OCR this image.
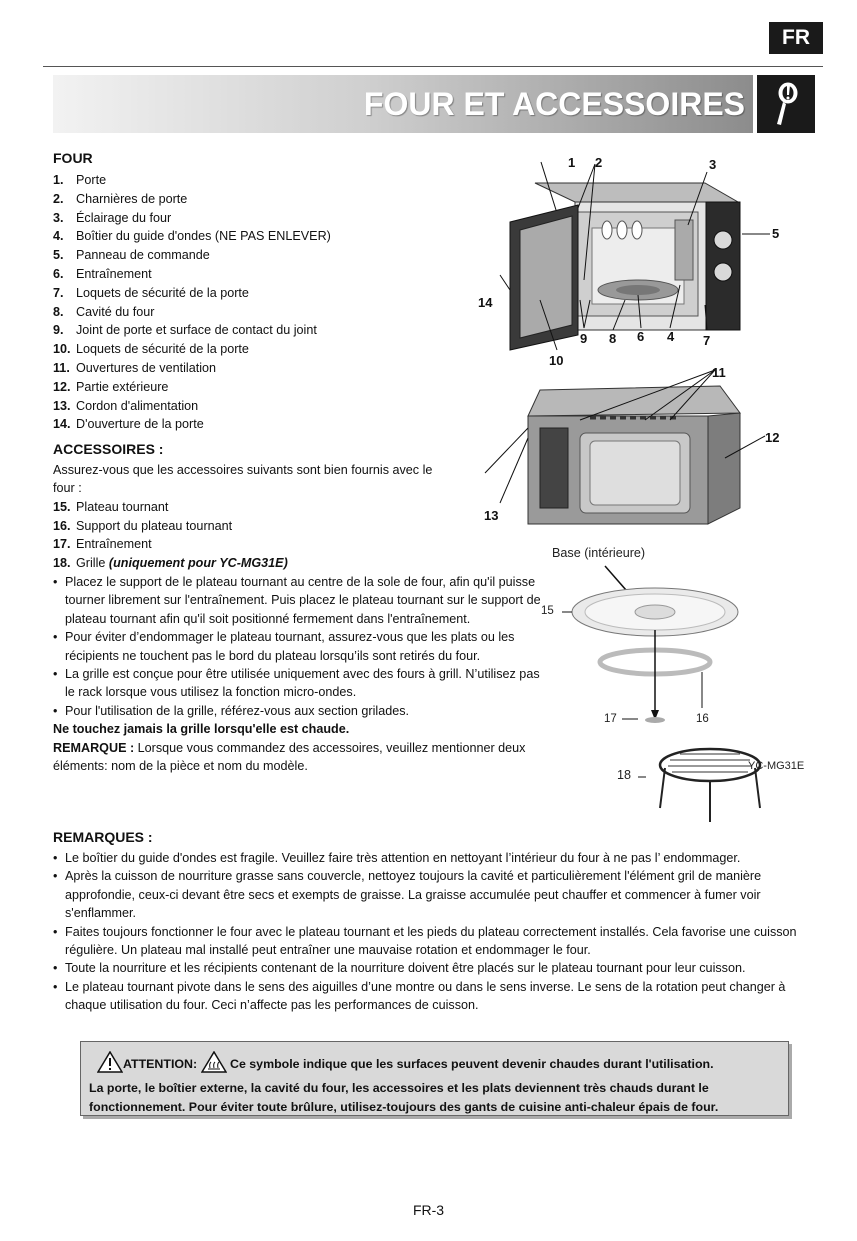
FR
FOUR ET ACCESSOIRES
FOUR
1. Porte
2. Charnières de porte
3. Éclairage du four
4. Boîtier du guide d'ondes (NE PAS ENLEVER)
5. Panneau de commande
6. Entraînement
7. Loquets de sécurité de la porte
8. Cavité du four
9. Joint de porte et surface de contact du joint
10. Loquets de sécurité de la porte
11. Ouvertures de ventilation
12. Partie extérieure
13. Cordon d'alimentation
14. D'ouverture de la porte
ACCESSOIRES :

Assurez-vous que les accessoires suivants sont bien fournis avec le four :

15. Plateau tournant
16. Support du plateau tournant
17. Entraînement
18. Grille (uniquement pour YC-MG31E)
• Placez le support de le plateau tournant au centre de la sole de four, afin qu'il puisse tourner librement sur l'entraînement. Puis placez le plateau tournant sur le support de plateau tournant afin qu'il soit positionné fermement dans l'entraînement.
• Pour éviter d’endommager le plateau tournant, assurez-vous que les plats ou les récipients ne touchent pas le bord du plateau lorsqu’ils sont retirés du four.
• La grille est conçue pour être utilisée uniquement avec des fours à grill. N’utilisez pas le rack lorsque vous utilisez la fonction micro-ondes.
• Pour l'utilisation de la grille, référez-vous aux section grilades.

Ne touchez jamais la grille lorsqu'elle est chaude.

REMARQUE : Lorsque vous commandez des accessoires, veuillez mentionner deux éléments: nom de la pièce et nom du modèle.

1 2	3
5
14
9 8 6 4 7
10
11
12
13
Base (intérieure)
15
16
17
18
YC-MG31E
REMARQUES :
• Le boîtier du guide d'ondes est fragile. Veuillez faire très attention en nettoyant l’intérieur du four à ne pas l’ endommager.
• Après la cuisson de nourriture grasse sans couvercle, nettoyez toujours la cavité et particulièrement l'élément gril de manière approfondie, ceux-ci devant être secs et exempts de graisse. La graisse accumulée peut chauffer et commencer à fumer voir s'enflammer.
• Faites toujours fonctionner le four avec le plateau tournant et les pieds du plateau correctement installés. Cela favorise une cuisson régulière. Un plateau mal installé peut entraîner une mauvaise rotation et endommager le four.
• Toute la nourriture et les récipients contenant de la nourriture doivent être placés sur le plateau tournant pour leur cuisson.
• Le plateau tournant pivote dans le sens des aiguilles d’une montre ou dans le sens inverse. Le sens de la rotation peut changer à chaque utilisation du four. Ceci n’affecte pas les performances de cuisson.
ATTENTION:  Ce symbole indique que les surfaces peuvent devenir chaudes durant l'utilisation.
La porte, le boîtier externe, la cavité du four, les accessoires et les plats deviennent très chauds durant le fonctionnement. Pour éviter toute brûlure, utilisez-toujours des gants de cuisine anti-chaleur épais de four.
FR-3
